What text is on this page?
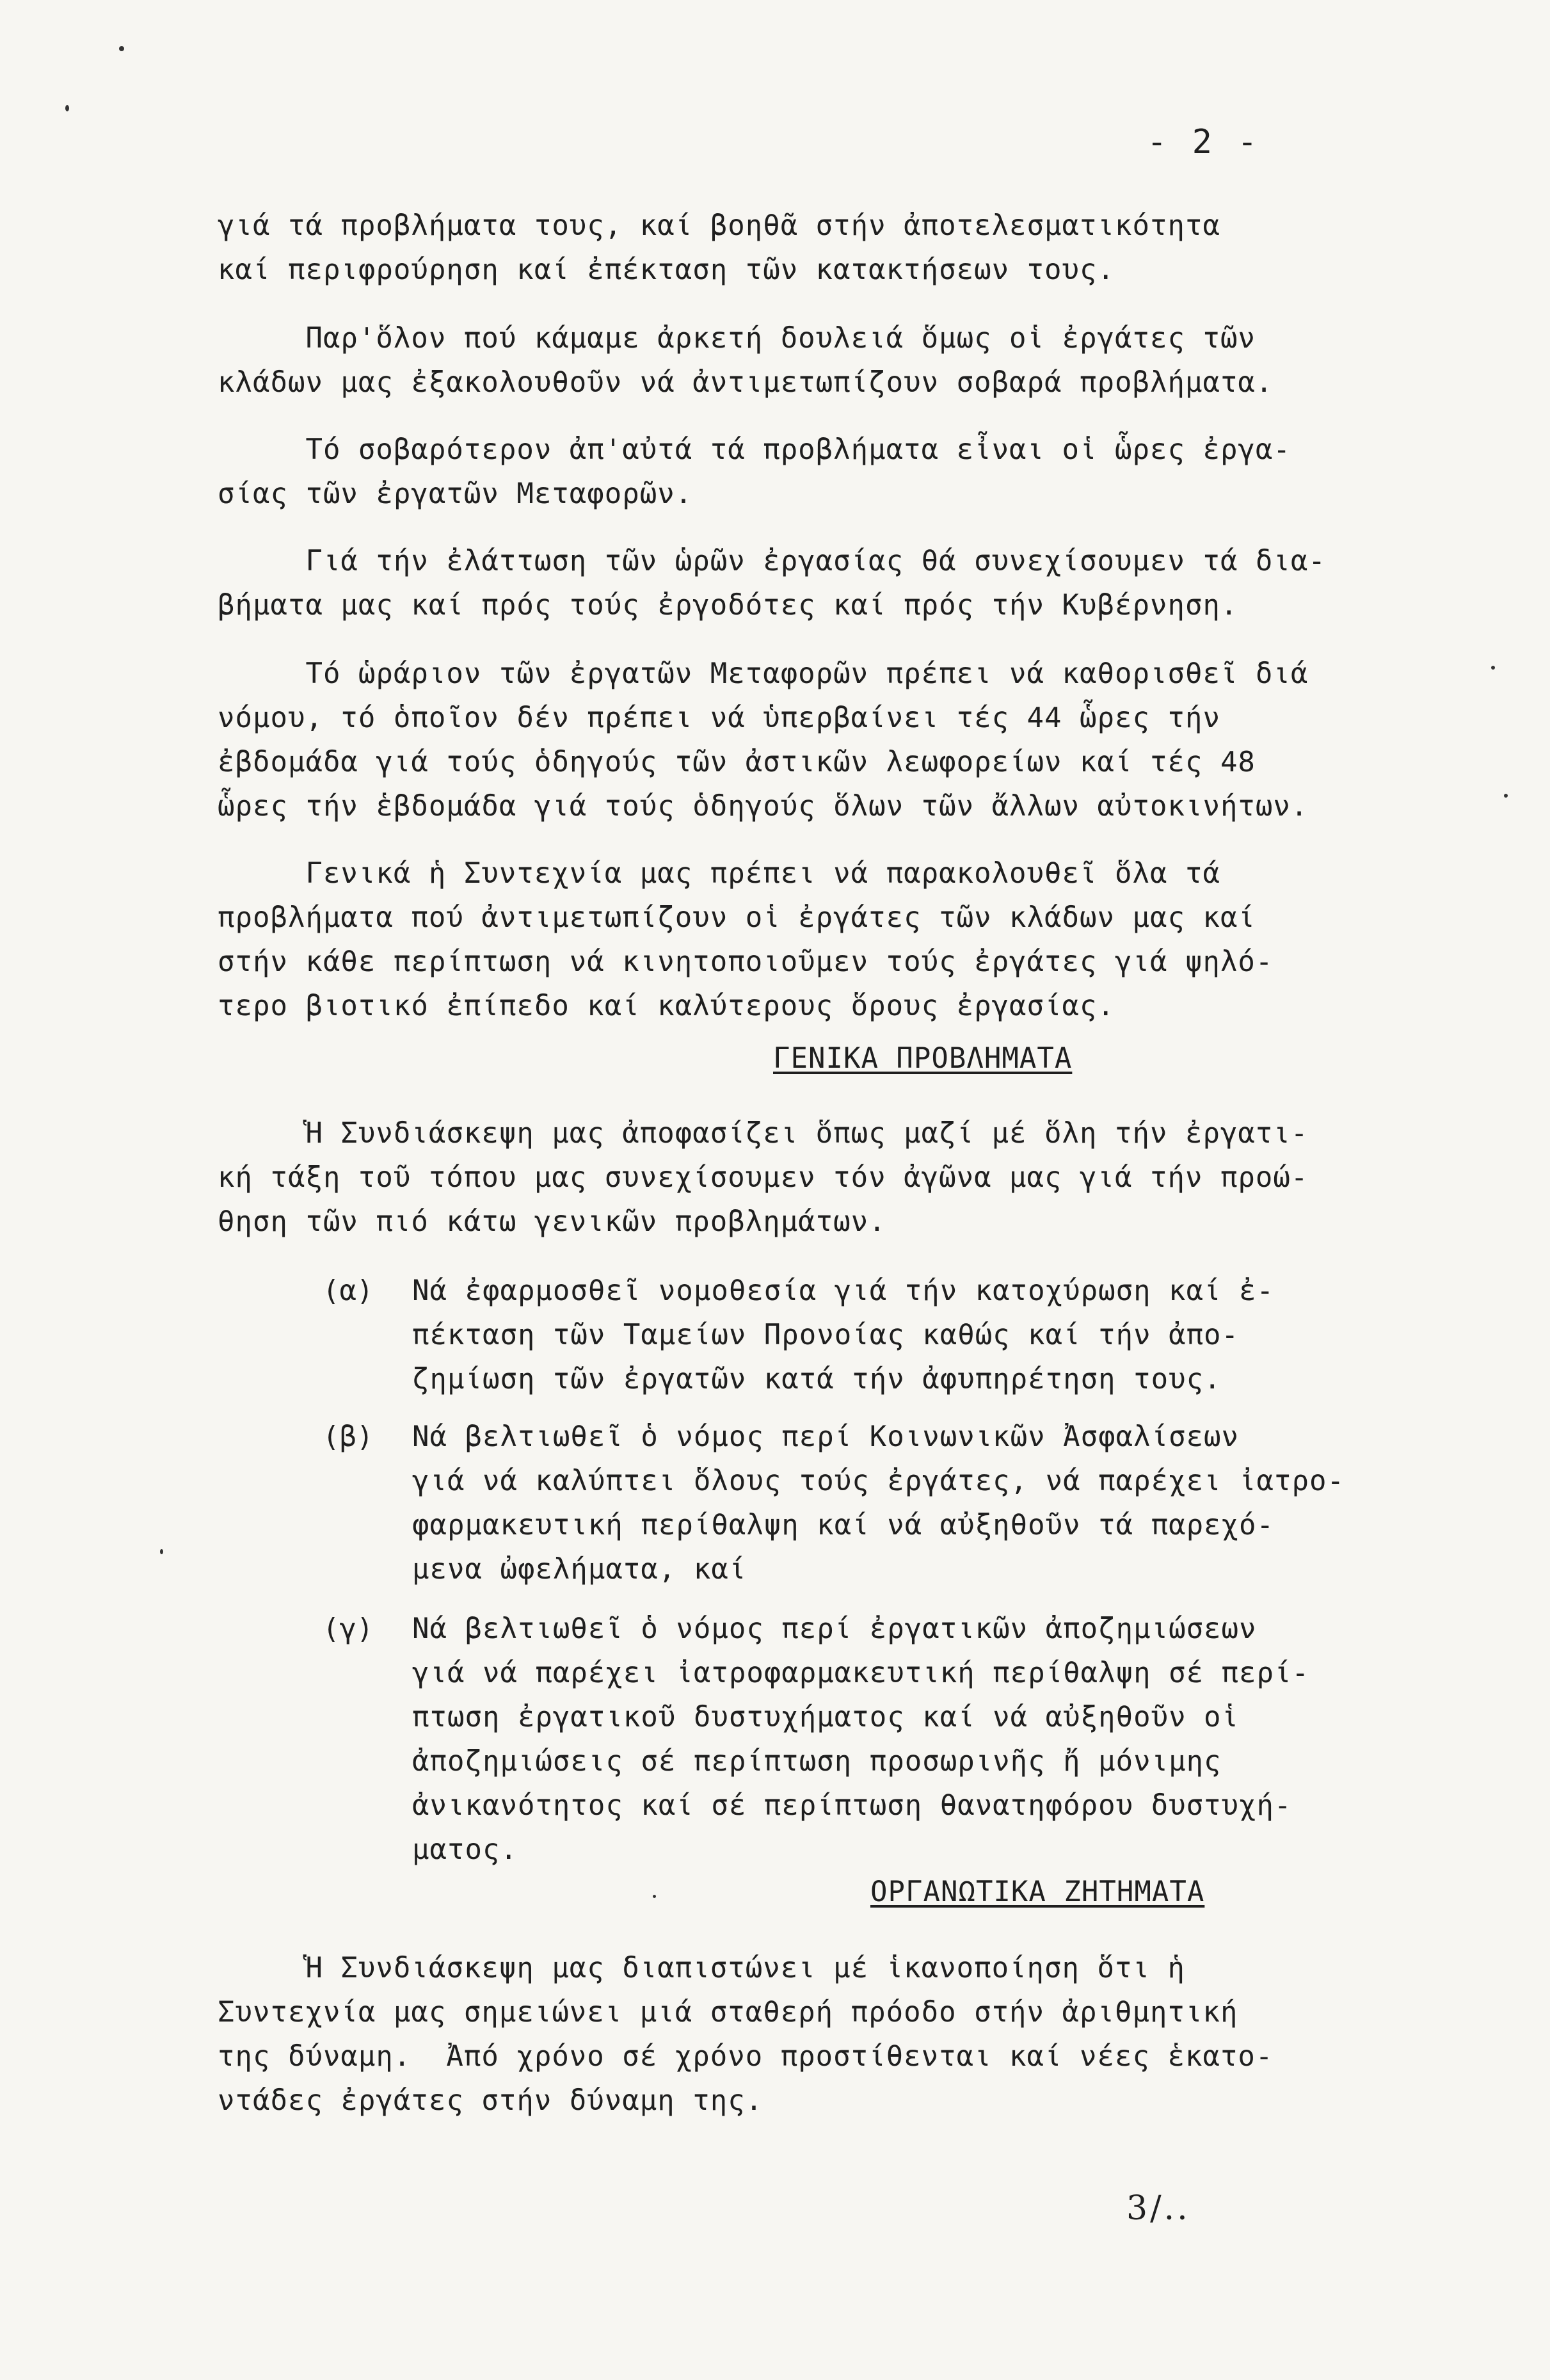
- 2 -
γιά τά προβλήματα τους, καί βοηθᾶ στήν ἀποτελεσματικότητα
καί περιφρούρηση καί ἐπέκταση τῶν κατακτήσεων τους.
Παρ'ὅλον πού κάμαμε ἀρκετή δουλειά ὅμως οἱ ἐργάτες τῶν
κλάδων μας ἐξακολουθοῦν νά ἀντιμετωπίζουν σοβαρά προβλήματα.
Τό σοβαρότερον ἀπ'αὐτά τά προβλήματα εἶναι οἱ ὧρες ἐργα-
σίας τῶν ἐργατῶν Μεταφορῶν.
Γιά τήν ἐλάττωση τῶν ὡρῶν ἐργασίας θά συνεχίσουμεν τά δια-
βήματα μας καί πρός τούς ἐργοδότες καί πρός τήν Κυβέρνηση.
Τό ὡράριον τῶν ἐργατῶν Μεταφορῶν πρέπει νά καθορισθεῖ διά
νόμου, τό ὁποῖον δέν πρέπει νά ὑπερβαίνει τές 44 ὧρες τήν
ἐβδομάδα γιά τούς ὁδηγούς τῶν ἀστικῶν λεωφορείων καί τές 48
ὧρες τήν ἑβδομάδα γιά τούς ὁδηγούς ὅλων τῶν ἄλλων αὐτοκινήτων.
Γενικά ἡ Συντεχνία μας πρέπει νά παρακολουθεῖ ὅλα τά
προβλήματα πού ἀντιμετωπίζουν οἱ ἐργάτες τῶν κλάδων μας καί
στήν κάθε περίπτωση νά κινητοποιοῦμεν τούς ἐργάτες γιά ψηλό-
τερο βιοτικό ἐπίπεδο καί καλύτερους ὅρους ἐργασίας.
ΓΕΝΙΚΑ ΠΡΟΒΛΗΜΑΤΑ
Ἡ Συνδιάσκεψη μας ἀποφασίζει ὅπως μαζί μέ ὅλη τήν ἐργατι-
κή τάξη τοῦ τόπου μας συνεχίσουμεν τόν ἀγῶνα μας γιά τήν προώ-
θηση τῶν πιό κάτω γενικῶν προβλημάτων.
(α) Νά ἐφαρμοσθεῖ νομοθεσία γιά τήν κατοχύρωση καί ἐ-
πέκταση τῶν Ταμείων Προνοίας καθώς καί τήν ἀπο-
ζημίωση τῶν ἐργατῶν κατά τήν ἀφυπηρέτηση τους.
(β) Νά βελτιωθεῖ ὁ νόμος περί Κοινωνικῶν Ἀσφαλίσεων
γιά νά καλύπτει ὅλους τούς ἐργάτες, νά παρέχει ἰατρο-
φαρμακευτική περίθαλψη καί νά αὐξηθοῦν τά παρεχό-
μενα ὠφελήματα, καί
(γ) Νά βελτιωθεῖ ὁ νόμος περί ἐργατικῶν ἀποζημιώσεων
γιά νά παρέχει ἰατροφαρμακευτική περίθαλψη σέ περί-
πτωση ἐργατικοῦ δυστυχήματος καί νά αὐξηθοῦν οἱ
ἀποζημιώσεις σέ περίπτωση προσωρινῆς ἤ μόνιμης
ἀνικανότητος καί σέ περίπτωση θανατηφόρου δυστυχή-
ματος.
ΟΡΓΑΝΩΤΙΚΑ ΖΗΤΗΜΑΤΑ
Ἡ Συνδιάσκεψη μας διαπιστώνει μέ ἱκανοποίηση ὅτι ἡ
Συντεχνία μας σημειώνει μιά σταθερή πρόοδο στήν ἀριθμητική
της δύναμη.  Ἀπό χρόνο σέ χρόνο προστίθενται καί νέες ἑκατο-
ντάδες ἐργάτες στήν δύναμη της.
3/..
